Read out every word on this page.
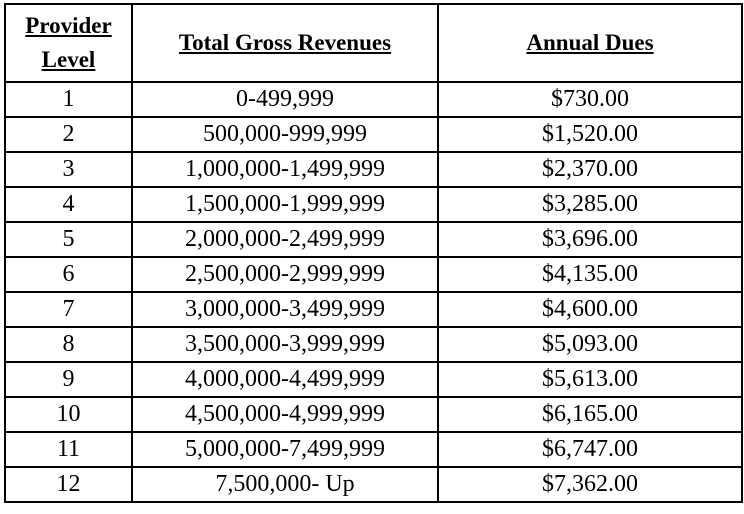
Provider
Level	Total Gross Revenues	Annual Dues
1	0-499,999	$730.00
2	500,000-999,999	$1,520.00
3	1,000,000-1,499,999	$2,370.00
4	1,500,000-1,999,999	$3,285.00
5	2,000,000-2,499,999	$3,696.00
6	2,500,000-2,999,999	$4,135.00
7	3,000,000-3,499,999	$4,600.00
8	3,500,000-3,999,999	$5,093.00
9	4,000,000-4,499,999	$5,613.00
10	4,500,000-4,999,999	$6,165.00
11	5,000,000-7,499,999	$6,747.00
12	7,500,000- Up	$7,362.00
